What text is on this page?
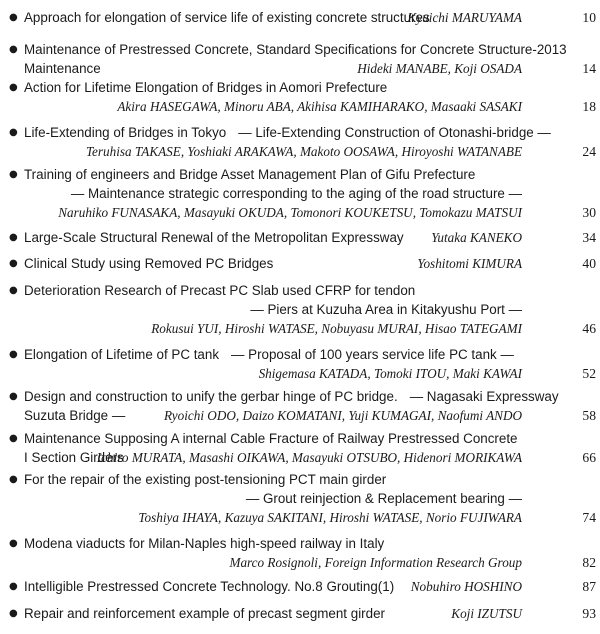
● Approach for elongation of service life of existing concrete structures
Kyuichi MARUYAMA	10
● Maintenance of Prestressed Concrete, Standard Specifications for Concrete Structure-2013
Maintenance	Hideki MANABE, Koji OSADA	14
● Action for Lifetime Elongation of Bridges in Aomori Prefecture
Akira HASEGAWA, Minoru ABA, Akihisa KAMIHARAKO, Masaaki SASAKI	18
● Life-Extending of Bridges in Tokyo — Life-Extending Construction of Otonashi-bridge —
Teruhisa TAKASE, Yoshiaki ARAKAWA, Makoto OOSAWA, Hiroyoshi WATANABE	24
● Training of engineers and Bridge Asset Management Plan of Gifu Prefecture
— Maintenance strategic corresponding to the aging of the road structure —
Naruhiko FUNASAKA, Masayuki OKUDA, Tomonori KOUKETSU, Tomokazu MATSUI	30
● Large-Scale Structural Renewal of the Metropolitan Expressway Yutaka KANEKO	34
● Clinical Study using Removed PC Bridges	Yoshitomi KIMURA	40
● Deterioration Research of Precast PC Slab used CFRP for tendon
— Piers at Kuzuha Area in Kitakyushu Port —
Rokusui YUI, Hiroshi WATASE, Nobuyasu MURAI, Hisao TATEGAMI	46
● Elongation of Lifetime of PC tank — Proposal of 100 years service life PC tank —
Shigemasa KATADA, Tomoki ITOU, Maki KAWAI	52
● Design and construction to unify the gerbar hinge of PC bridge. — Nagasaki Expressway
Suzuta Bridge —	Ryoichi ODO, Daizo KOMATANI, Yuji KUMAGAI, Naofumi ANDO	58
● Maintenance Supposing A internal Cable Fracture of Railway Prestressed Concrete
I Section Girders
Ichiro MURATA, Masashi OIKAWA, Masayuki OTSUBO, Hidenori MORIKAWA	66
● For the repair of the existing post-tensioning PCT main girder
— Grout reinjection & Replacement bearing —
Toshiya IHAYA, Kazuya SAKITANI, Hiroshi WATASE, Norio FUJIWARA	74
● Modena viaducts for Milan-Naples high-speed railway in Italy
Marco Rosignoli, Foreign Information Research Group	82
● Intelligible Prestressed Concrete Technology. No.8 Grouting(1) Nobuhiro HOSHINO	87
● Repair and reinforcement example of precast segment girder	Koji IZUTSU	93
